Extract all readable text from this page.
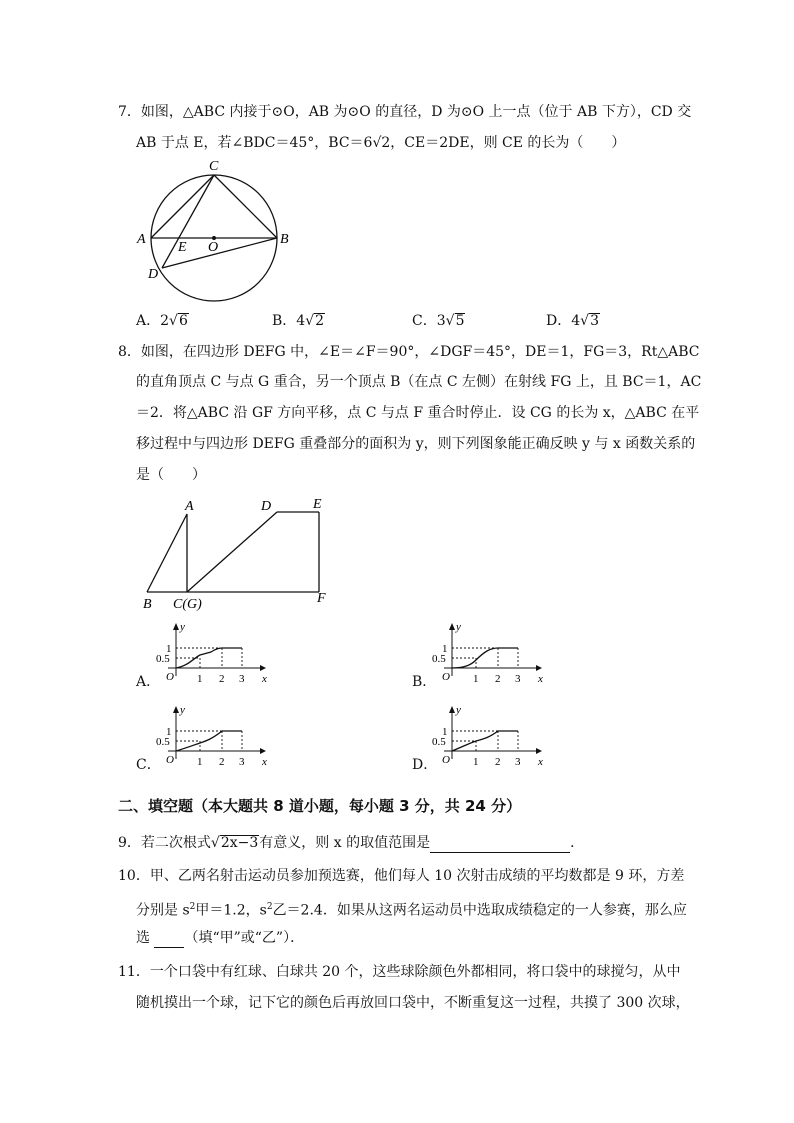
7．如图，△ABC 内接于⊙O，AB 为⊙O 的直径，D 为⊙O 上一点（位于 AB 下方），CD 交
AB 于点 E，若∠BDC＝45°，BC＝6√2，CE＝2DE，则 CE 的长为（　　）
C
A	B
E O
D
A．2√6	B．4√2	C．3√5	D．4√3
8．如图，在四边形 DEFG 中，∠E＝∠F＝90°，∠DGF＝45°，DE＝1，FG＝3，Rt△ABC
的直角顶点 C 与点 G 重合，另一个顶点 B（在点 C 左侧）在射线 FG 上，且 BC＝1，AC
＝2．将△ABC 沿 GF 方向平移，点 C 与点 F 重合时停止．设 CG 的长为 x，△ABC 在平
移过程中与四边形 DEFG 重叠部分的面积为 y，则下列图象能正确反映 y 与 x 函数关系的
是（　　）
A	D	E
B C(G)	F
A．
y
x
O 1 2 3
1
0.5
B．
y
x
O 1 2 3
1
0.5
C．
y
x
O 1 2 3
1
0.5
D．
y
x
O 1 2 3
1
0.5
二、填空题（本大题共 8 道小题，每小题 3 分，共 24 分）
9．若二次根式√2x−3有意义，则 x 的取值范围是	．
10．甲、乙两名射击运动员参加预选赛，他们每人 10 次射击成绩的平均数都是 9 环，方差
分别是 $s^2$甲＝1.2，$s^2$乙＝2.4．如果从这两名运动员中选取成绩稳定的一人参赛，那么应
选 （填“甲”或“乙”）．
11．一个口袋中有红球、白球共 20 个，这些球除颜色外都相同，将口袋中的球搅匀，从中
随机摸出一个球，记下它的颜色后再放回口袋中，不断重复这一过程，共摸了 300 次球，
